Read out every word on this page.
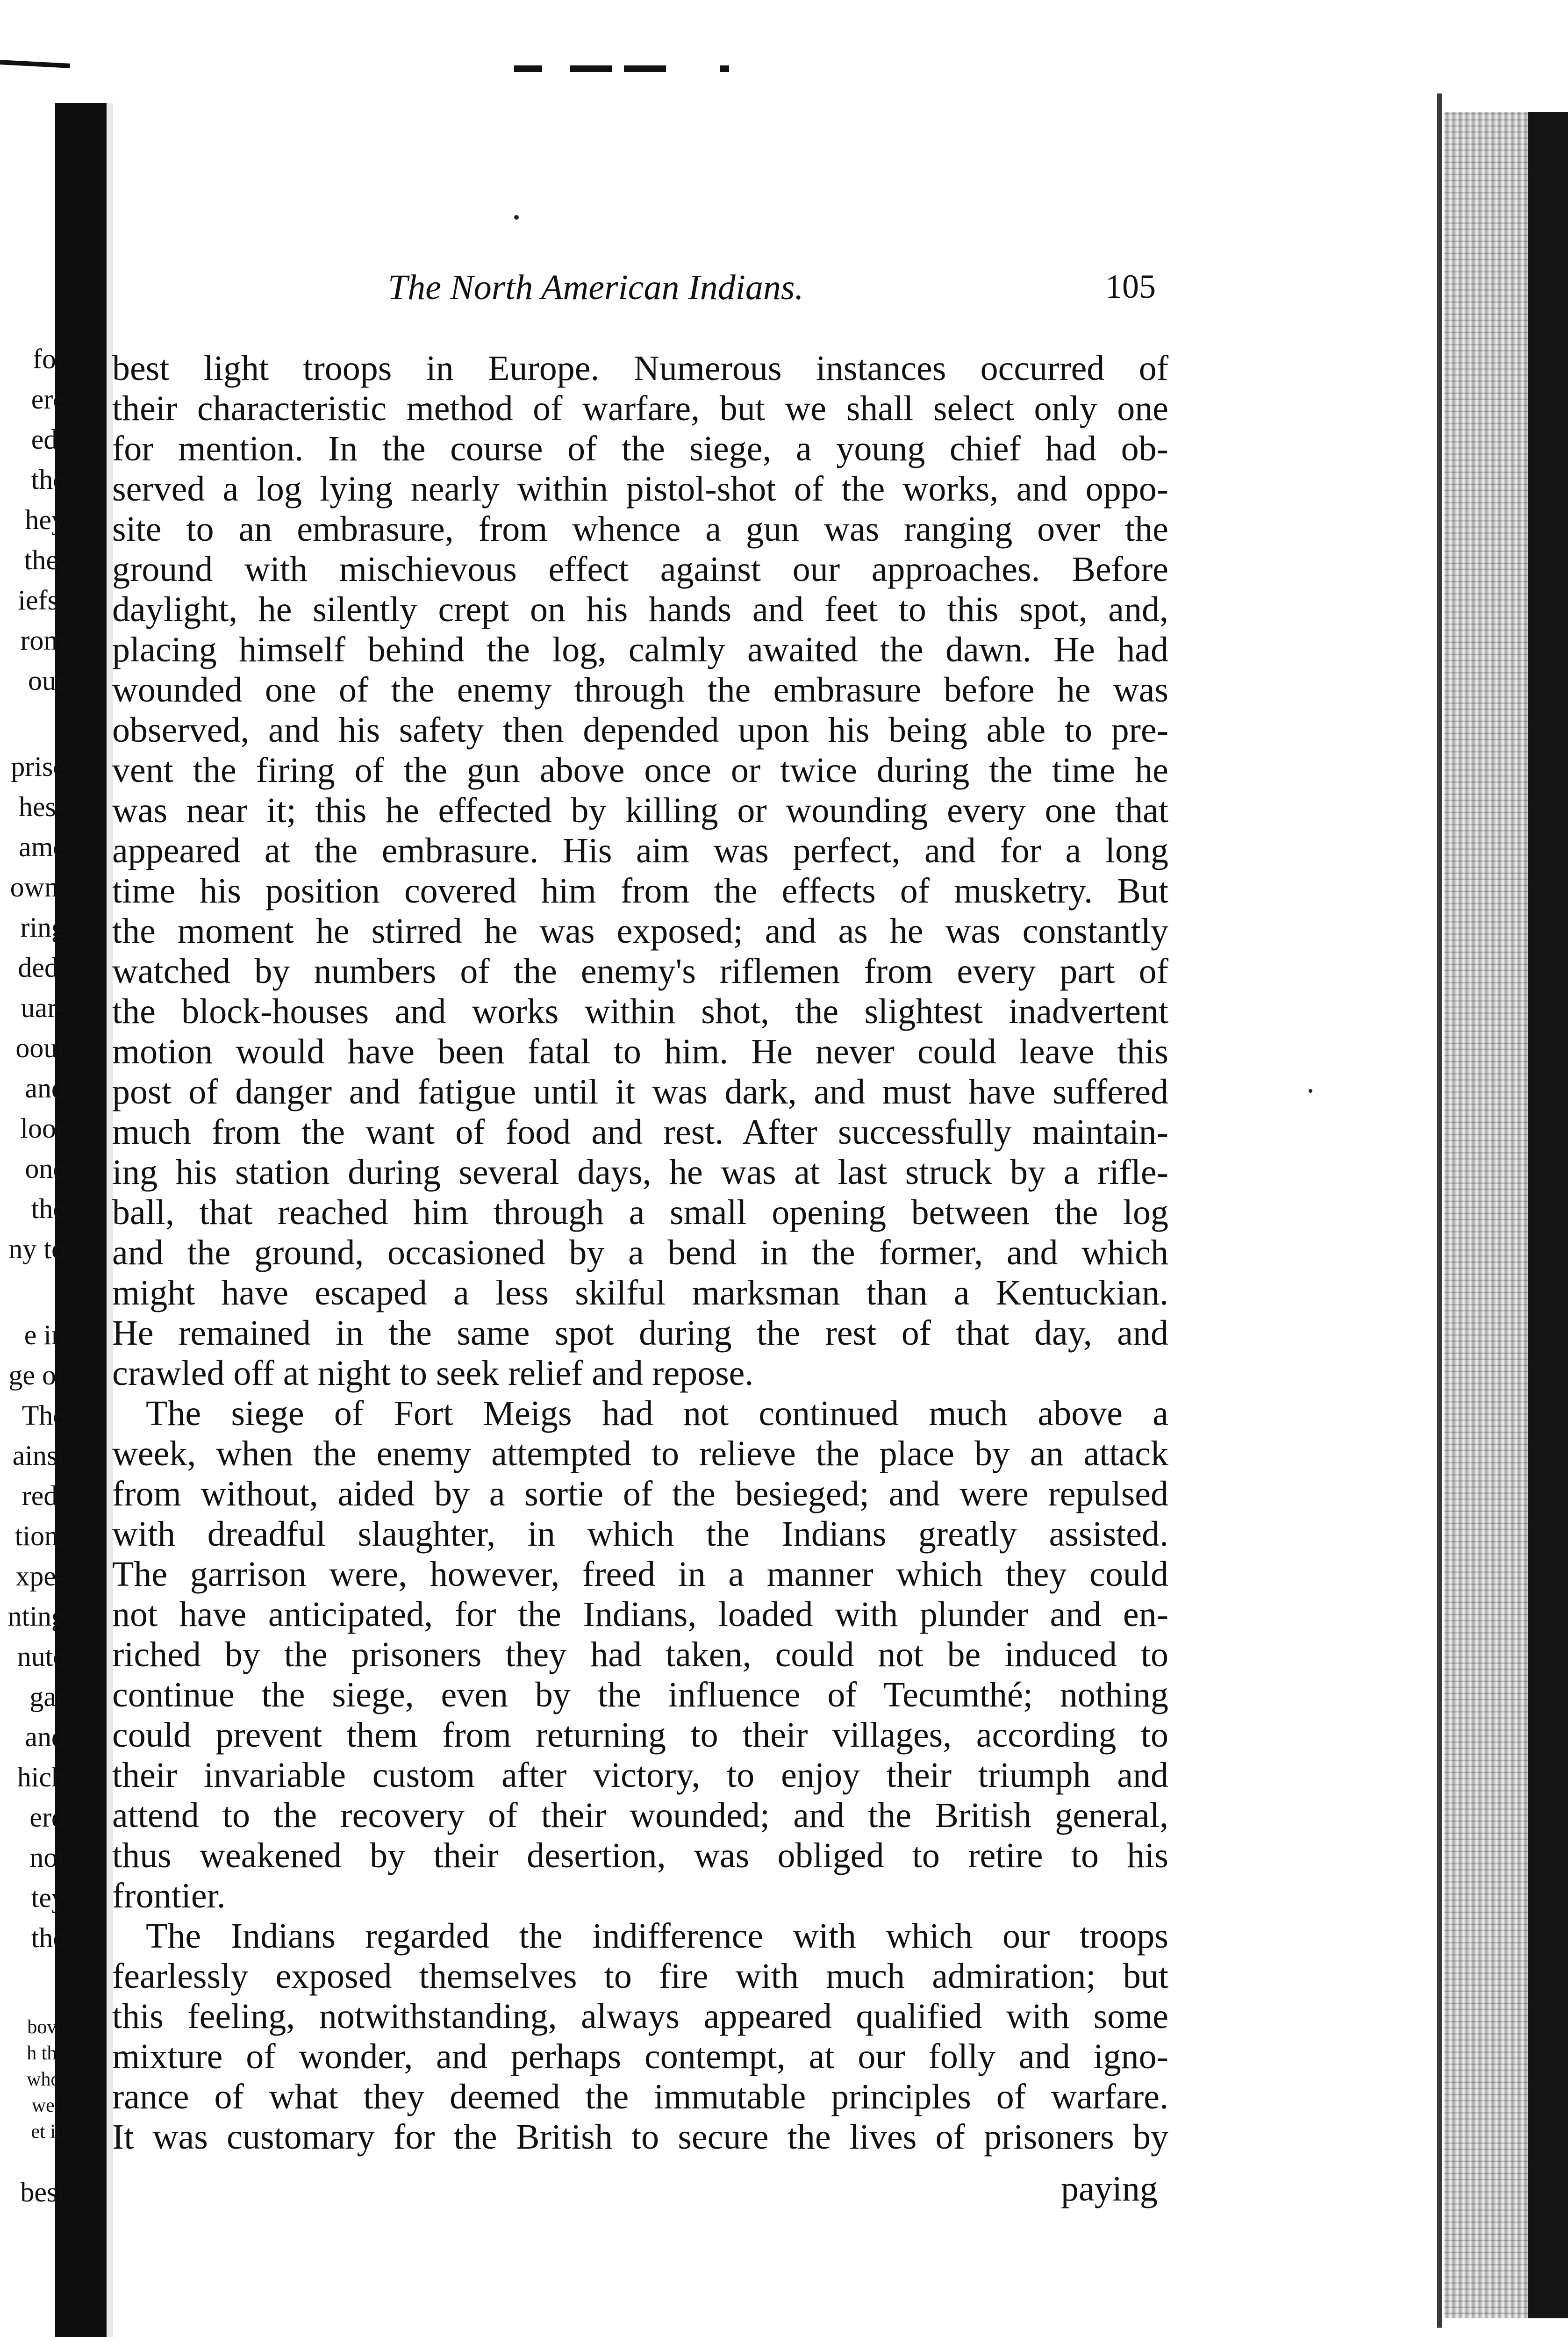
for
ere
ed;
the
hey
the,
iefs.
rom
our
prise
hes-
ame
own.
ring
ded.
uar-
oout
and
loor
one
the
ny to
e in
ge of
The
ainst
red;
tion,
xpe-
nting
nute
gar
and
hich
erd
not
tey
the
bove
h the
who,
well
et in
best
The North American Indians.	105
best light troops in Europe. Numerous instances occurred of
their characteristic method of warfare, but we shall select only one
for mention. In the course of the siege, a young chief had ob-
served a log lying nearly within pistol-shot of the works, and oppo-
site to an embrasure, from whence a gun was ranging over the
ground with mischievous effect against our approaches. Before
daylight, he silently crept on his hands and feet to this spot, and,
placing himself behind the log, calmly awaited the dawn. He had
wounded one of the enemy through the embrasure before he was
observed, and his safety then depended upon his being able to pre-
vent the firing of the gun above once or twice during the time he
was near it; this he effected by killing or wounding every one that
appeared at the embrasure. His aim was perfect, and for a long
time his position covered him from the effects of musketry. But
the moment he stirred he was exposed; and as he was constantly
watched by numbers of the enemy's riflemen from every part of
the block-houses and works within shot, the slightest inadvertent
motion would have been fatal to him. He never could leave this
post of danger and fatigue until it was dark, and must have suffered
much from the want of food and rest. After successfully maintain-
ing his station during several days, he was at last struck by a rifle-
ball, that reached him through a small opening between the log
and the ground, occasioned by a bend in the former, and which
might have escaped a less skilful marksman than a Kentuckian.
He remained in the same spot during the rest of that day, and
crawled off at night to seek relief and repose.
The siege of Fort Meigs had not continued much above a
week, when the enemy attempted to relieve the place by an attack
from without, aided by a sortie of the besieged; and were repulsed
with dreadful slaughter, in which the Indians greatly assisted.
The garrison were, however, freed in a manner which they could
not have anticipated, for the Indians, loaded with plunder and en-
riched by the prisoners they had taken, could not be induced to
continue the siege, even by the influence of Tecumthé; nothing
could prevent them from returning to their villages, according to
their invariable custom after victory, to enjoy their triumph and
attend to the recovery of their wounded; and the British general,
thus weakened by their desertion, was obliged to retire to his
frontier.
The Indians regarded the indifference with which our troops
fearlessly exposed themselves to fire with much admiration; but
this feeling, notwithstanding, always appeared qualified with some
mixture of wonder, and perhaps contempt, at our folly and igno-
rance of what they deemed the immutable principles of warfare.
It was customary for the British to secure the lives of prisoners by
paying
